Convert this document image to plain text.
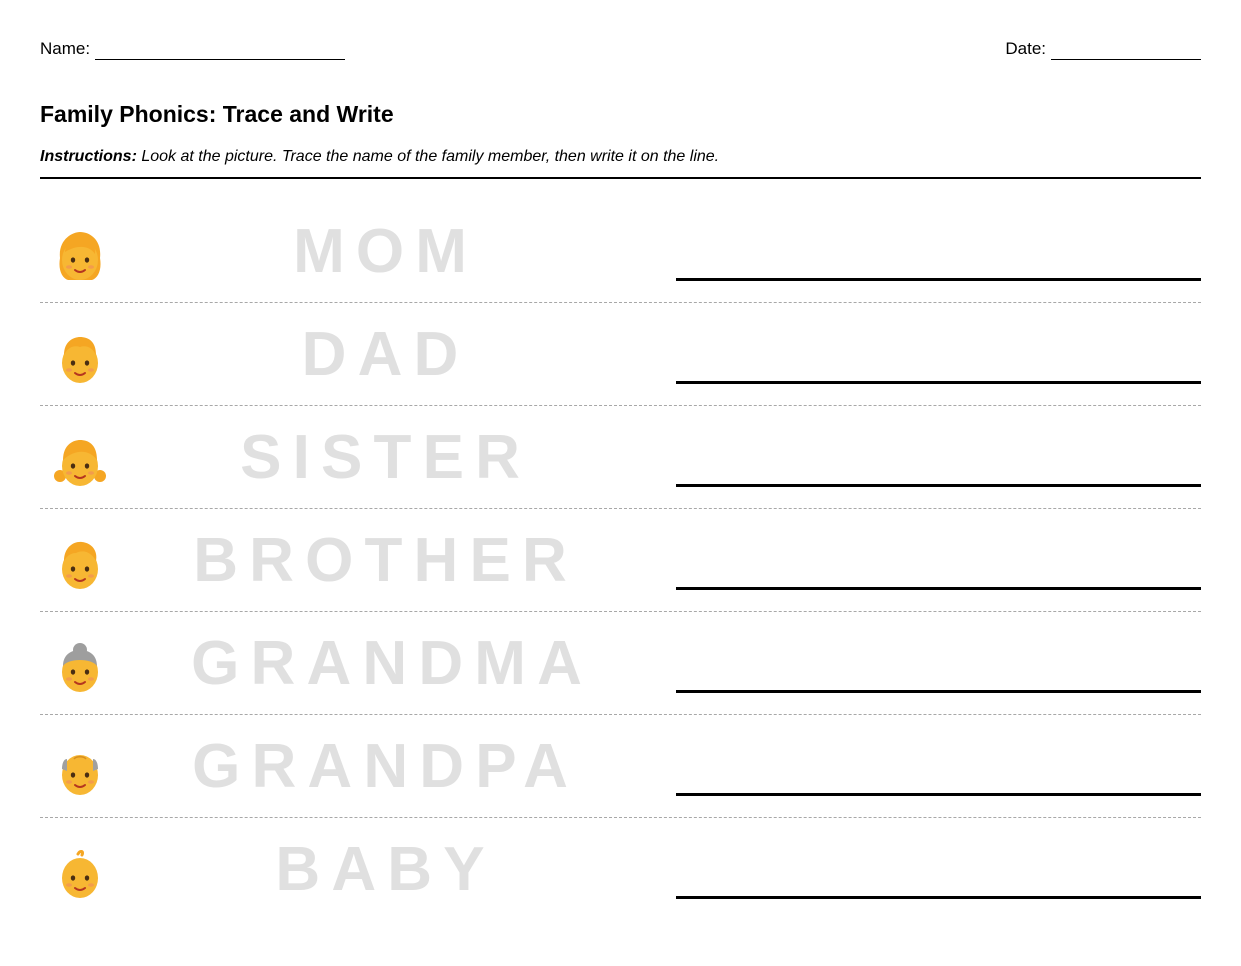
Name:	Date:
Family Phonics: Trace and Write
Instructions: Look at the picture. Trace the name of the family member, then write it on the line.
MOM
DAD
SISTER
BROTHER
GRANDMA
GRANDPA
BABY
